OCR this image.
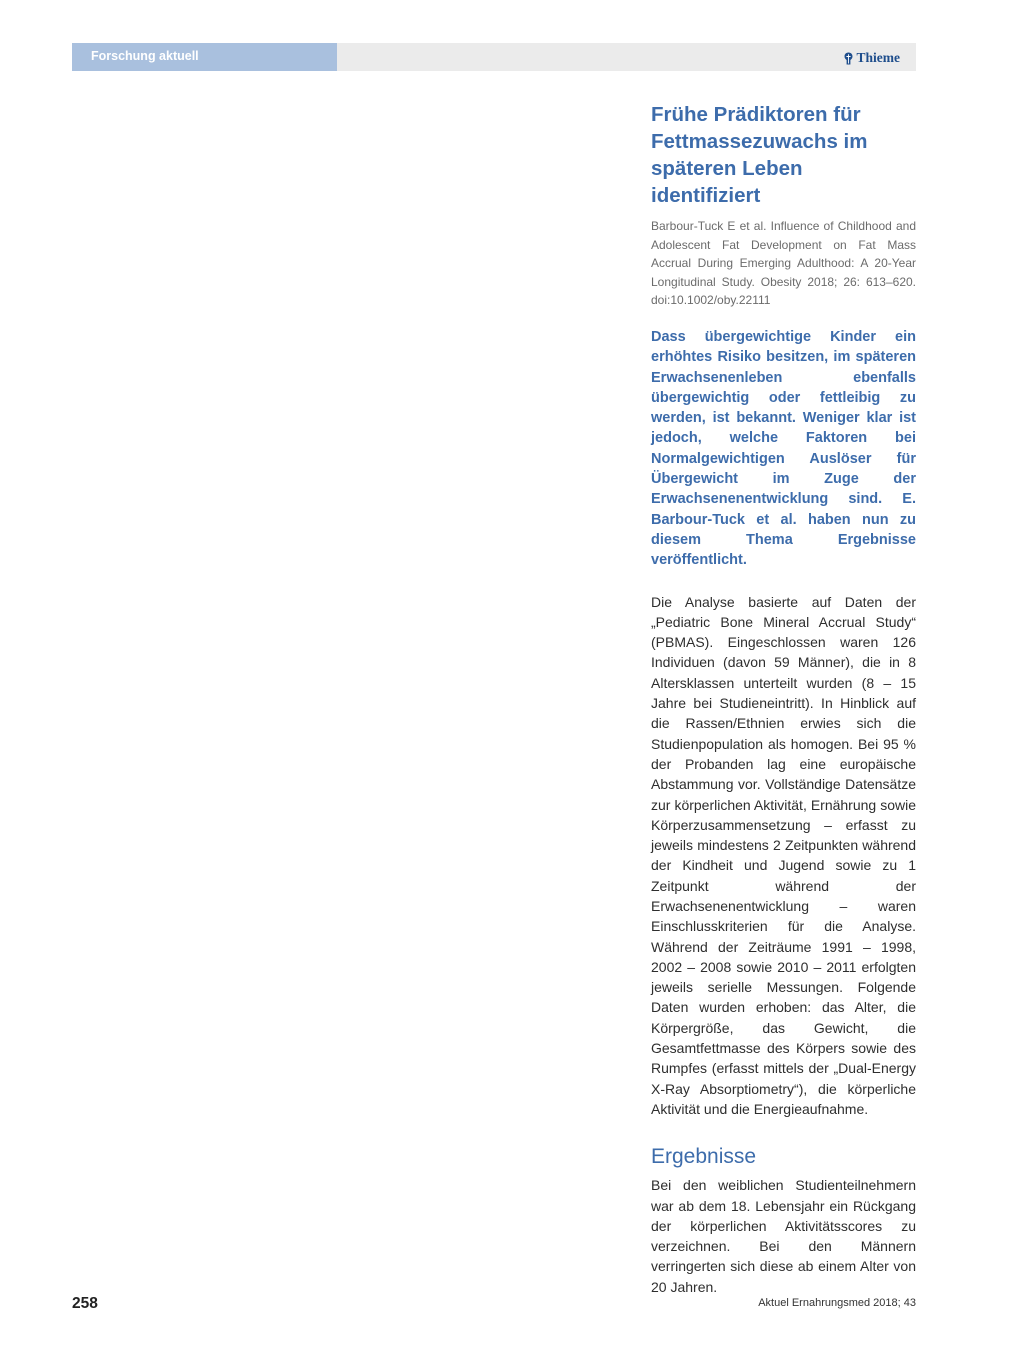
Forschung aktuell	Thieme
Frühe Prädiktoren für Fettmassezuwachs im späteren Leben identifiziert

Barbour-Tuck E et al. Influence of Childhood and Adolescent Fat Development on Fat Mass Accrual During Emerging Adulthood: A 20-Year Longitudinal Study. Obesity 2018; 26: 613–620. doi:10.1002/oby.22111

Dass übergewichtige Kinder ein erhöhtes Risiko besitzen, im späteren Erwachsenenleben ebenfalls übergewichtig oder fettleibig zu werden, ist bekannt. Weniger klar ist jedoch, welche Faktoren bei Normalgewichtigen Auslöser für Übergewicht im Zuge der Erwachsenenentwicklung sind. E. Barbour-Tuck et al. haben nun zu diesem Thema Ergebnisse veröffentlicht.

Die Analyse basierte auf Daten der „Pediatric Bone Mineral Accrual Study“ (PBMAS). Eingeschlossen waren 126 Individuen (davon 59 Männer), die in 8 Altersklassen unterteilt wurden (8 – 15 Jahre bei Studieneintritt). In Hinblick auf die Rassen/Ethnien erwies sich die Studienpopulation als homogen. Bei 95 % der Probanden lag eine europäische Abstammung vor. Vollständige Datensätze zur körperlichen Aktivität, Ernährung sowie Körperzusammensetzung – erfasst zu jeweils mindestens 2 Zeitpunkten während der Kindheit und Jugend sowie zu 1 Zeitpunkt während der Erwachsenenentwicklung – waren Einschlusskriterien für die Analyse. Während der Zeiträume 1991 – 1998, 2002 – 2008 sowie 2010 – 2011 erfolgten jeweils serielle Messungen. Folgende Daten wurden erhoben: das Alter, die Körpergröße, das Gewicht, die Gesamtfettmasse des Körpers sowie des Rumpfes (erfasst mittels der „Dual-Energy X-Ray Absorptiometry“), die körperliche Aktivität und die Energieaufnahme.

Ergebnisse

Bei den weiblichen Studienteilnehmern war ab dem 18. Lebensjahr ein Rückgang der körperlichen Aktivitätsscores zu verzeichnen. Bei den Männern verringerten sich diese ab einem Alter von 20 Jahren.

258	Aktuel Ernahrungsmed 2018; 43
